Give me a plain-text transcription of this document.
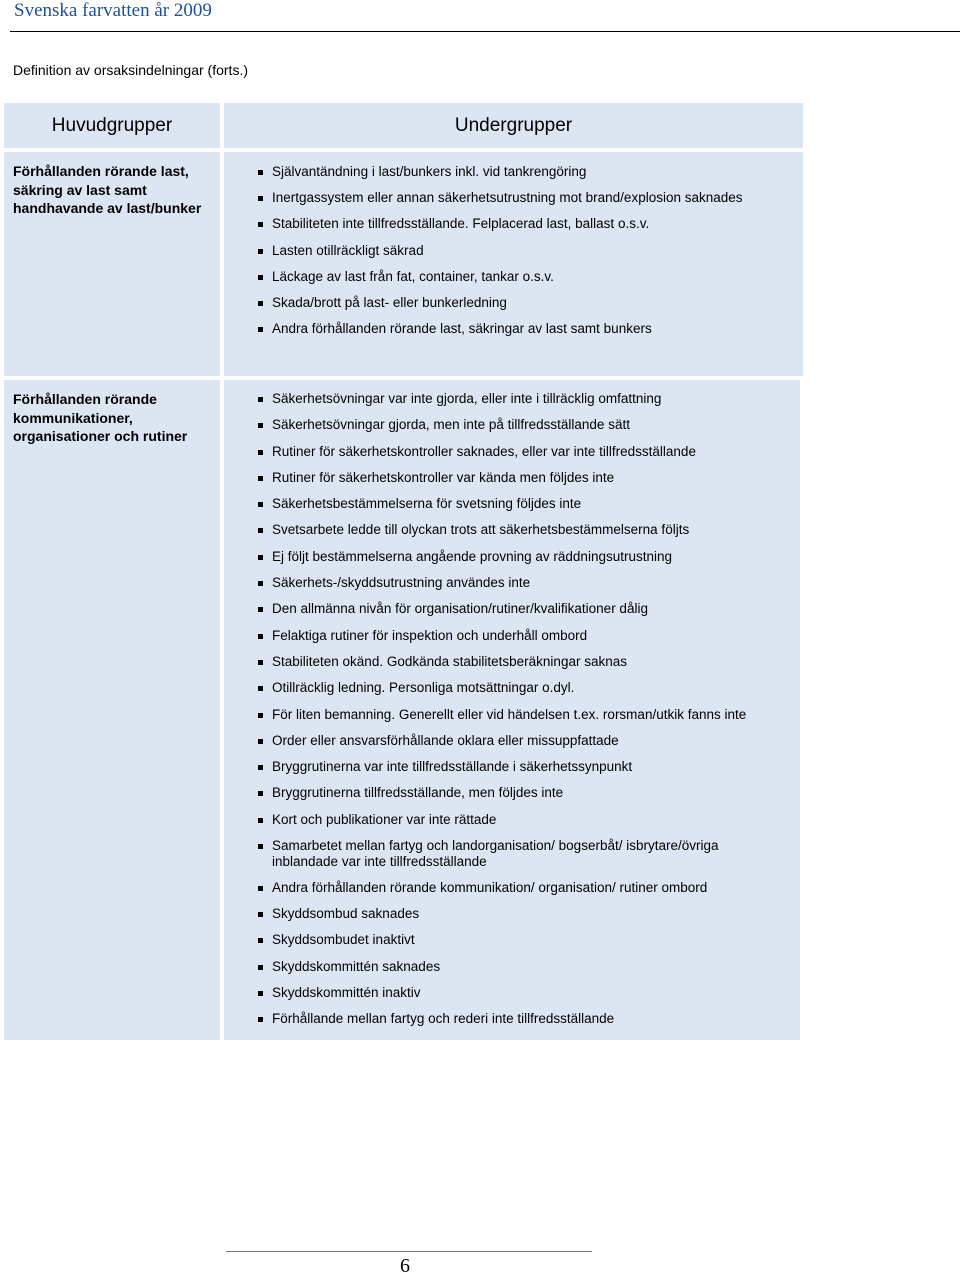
Svenska farvatten år 2009
Definition av orsaksindelningar (forts.)
Huvudgrupper	Undergrupper
Förhållanden rörande last, säkring av last samt handhavande av last/bunker
Självantändning i last/bunkers inkl. vid tankrengöring
Inertgassystem eller annan säkerhetsutrustning mot brand/explosion saknades
Stabiliteten inte tillfredsställande. Felplacerad last, ballast o.s.v.
Lasten otillräckligt säkrad
Läckage av last från fat, container, tankar o.s.v.
Skada/brott på last- eller bunkerledning
Andra förhållanden rörande last, säkringar av last samt bunkers
Förhållanden rörande kommunikationer, organisationer och rutiner
Säkerhetsövningar var inte gjorda, eller inte i tillräcklig omfattning
Säkerhetsövningar gjorda, men inte på tillfredsställande sätt
Rutiner för säkerhetskontroller saknades, eller var inte tillfredsställande
Rutiner för säkerhetskontroller var kända men följdes inte
Säkerhetsbestämmelserna för svetsning följdes inte
Svetsarbete ledde till olyckan trots att säkerhetsbestämmelserna följts
Ej följt bestämmelserna angående provning av räddningsutrustning
Säkerhets-/skyddsutrustning användes inte
Den allmänna nivån för organisation/rutiner/kvalifikationer dålig
Felaktiga rutiner för inspektion och underhåll ombord
Stabiliteten okänd. Godkända stabilitetsberäkningar saknas
Otillräcklig ledning. Personliga motsättningar o.dyl.
För liten bemanning. Generellt eller vid händelsen t.ex. rorsman/utkik fanns inte
Order eller ansvarsförhållande oklara eller missuppfattade
Bryggrutinerna var inte tillfredsställande i säkerhetssynpunkt
Bryggrutinerna tillfredsställande, men följdes inte
Kort och publikationer var inte rättade
Samarbetet mellan fartyg och landorganisation/ bogserbåt/ isbrytare/övriga inblandade var inte tillfredsställande
Andra förhållanden rörande kommunikation/ organisation/ rutiner ombord
Skyddsombud saknades
Skyddsombudet inaktivt
Skyddskommittén saknades
Skyddskommittén inaktiv
Förhållande mellan fartyg och rederi inte tillfredsställande
6
